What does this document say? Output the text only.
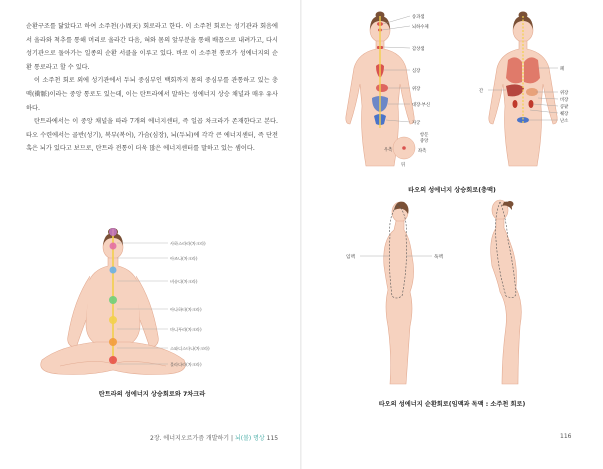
순환구조를 닮았다고 하여 소주천(小周天) 회로라고 한다. 이 소주천 회로는 성기관과 회음에서 올라와 척추를 통해 머리로 올라간 다음, 혀와 몸의 앞부분을 통해 배꼽으로 내려가고, 다시 성기관으로 돌아가는 일종의 순환 서클을 이루고 있다. 바로 이 소주천 통로가 성에너지의 순환 통로라고 할 수 있다.

이 소주천 회로 외에 성기관에서 두뇌 중심부인 백회까지 몸의 중심부를 관통하고 있는 충맥(衝脈)이라는 중앙 통로도 있는데, 이는 탄트라에서 말하는 성에너지 상승 채널과 매우 유사하다.

탄트라에서는 이 중앙 채널을 따라 7개의 에너지센터, 즉 일곱 차크라가 존재한다고 본다. 타오 수련에서는 골반(성기), 복부(복어), 가슴(심장), 뇌(두뇌)에 각각 큰 에너지센터, 즉 단전 혹은 뇌가 있다고 보므로, 탄트라 전통이 더욱 많은 에너지센터를 말하고 있는 셈이다.

사하스라라(차크라)
아즈나(차크라)
비슈다(차크라)
아나하타(차크라)
마니푸라(차크라)
스와디스타나(차크라)
물라다라(차크라)
탄트라의 성에너지 상승회로와 7차크라
2장. 에너지오르가즘 개발하기 | 뇌(볼) 명상 115
송과샘
뇌하수체
갑상샘
심장
위장
대장·부신
자궁
항문
중앙
우측	좌측
뒤
폐
간	위장
비장
콩팥
췌장
난소
타오의 성에너지 상승회로(충맥)
임맥	독맥
타오의 성에너지 순환회로(임맥과 독맥 : 소주천 회로)
116
